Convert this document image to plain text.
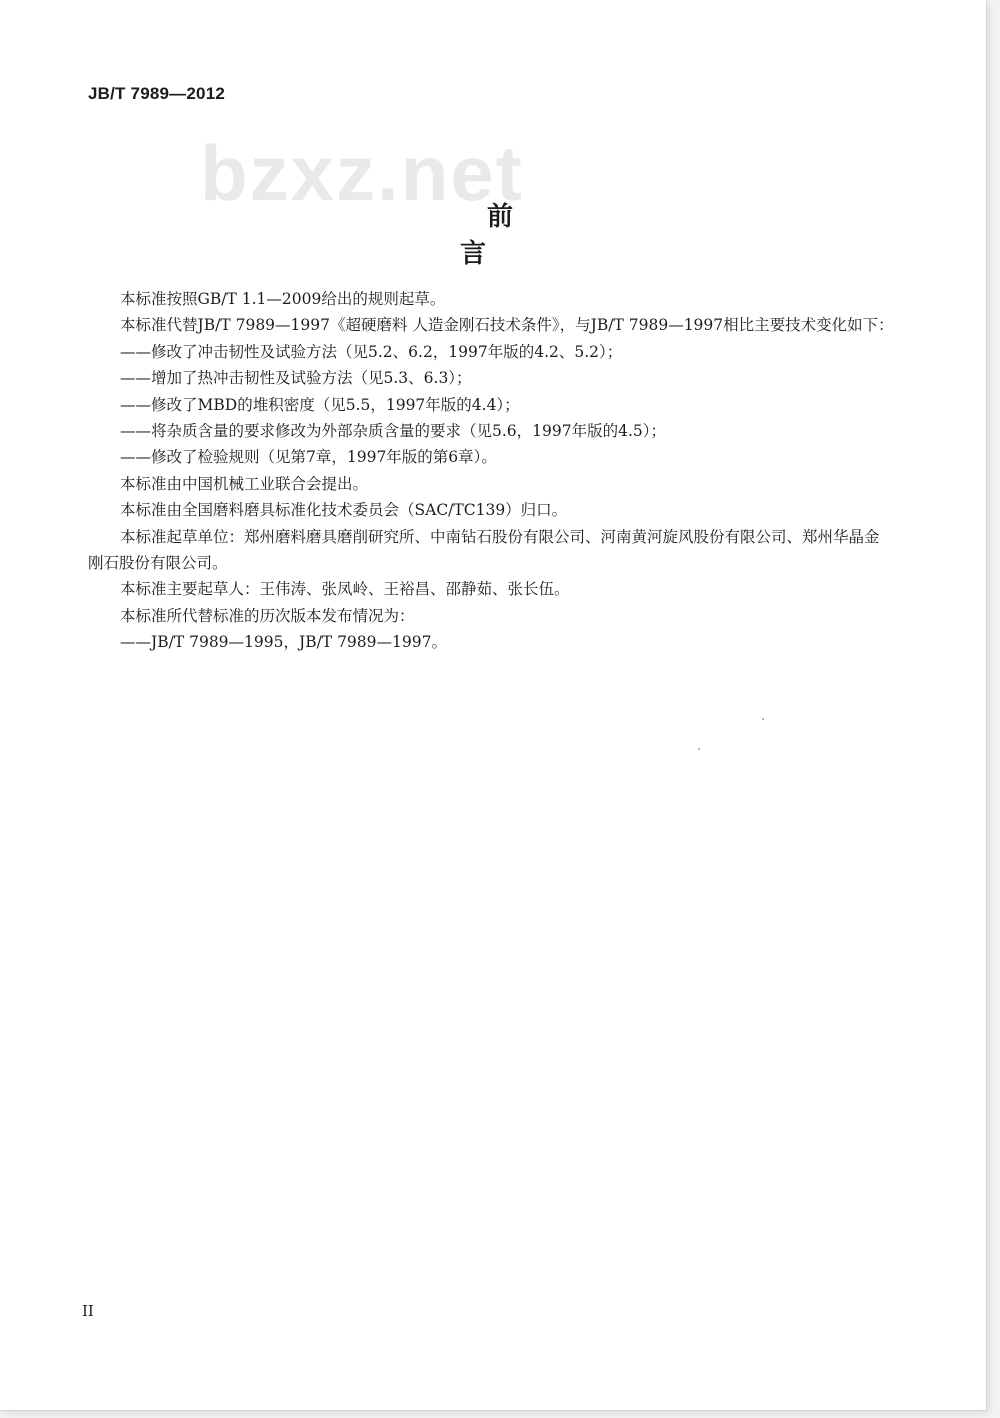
JB/T 7989—2012
bzxz.net
前 言

本标准按照GB/T 1.1—2009给出的规则起草。

本标准代替JB/T 7989—1997《超硬磨料 人造金刚石技术条件》，与JB/T 7989—1997相比主要技术变化如下：

——修改了冲击韧性及试验方法（见5.2、6.2，1997年版的4.2、5.2）；

——增加了热冲击韧性及试验方法（见5.3、6.3）；

——修改了MBD的堆积密度（见5.5，1997年版的4.4）；

——将杂质含量的要求修改为外部杂质含量的要求（见5.6，1997年版的4.5）；

——修改了检验规则（见第7章，1997年版的第6章）。

本标准由中国机械工业联合会提出。

本标准由全国磨料磨具标准化技术委员会（SAC/TC139）归口。

本标准起草单位：郑州磨料磨具磨削研究所、中南钻石股份有限公司、河南黄河旋风股份有限公司、郑州华晶金刚石股份有限公司。

本标准主要起草人：王伟涛、张凤岭、王裕昌、邵静茹、张长伍。

本标准所代替标准的历次版本发布情况为：

——JB/T 7989—1995，JB/T 7989—1997。

II
